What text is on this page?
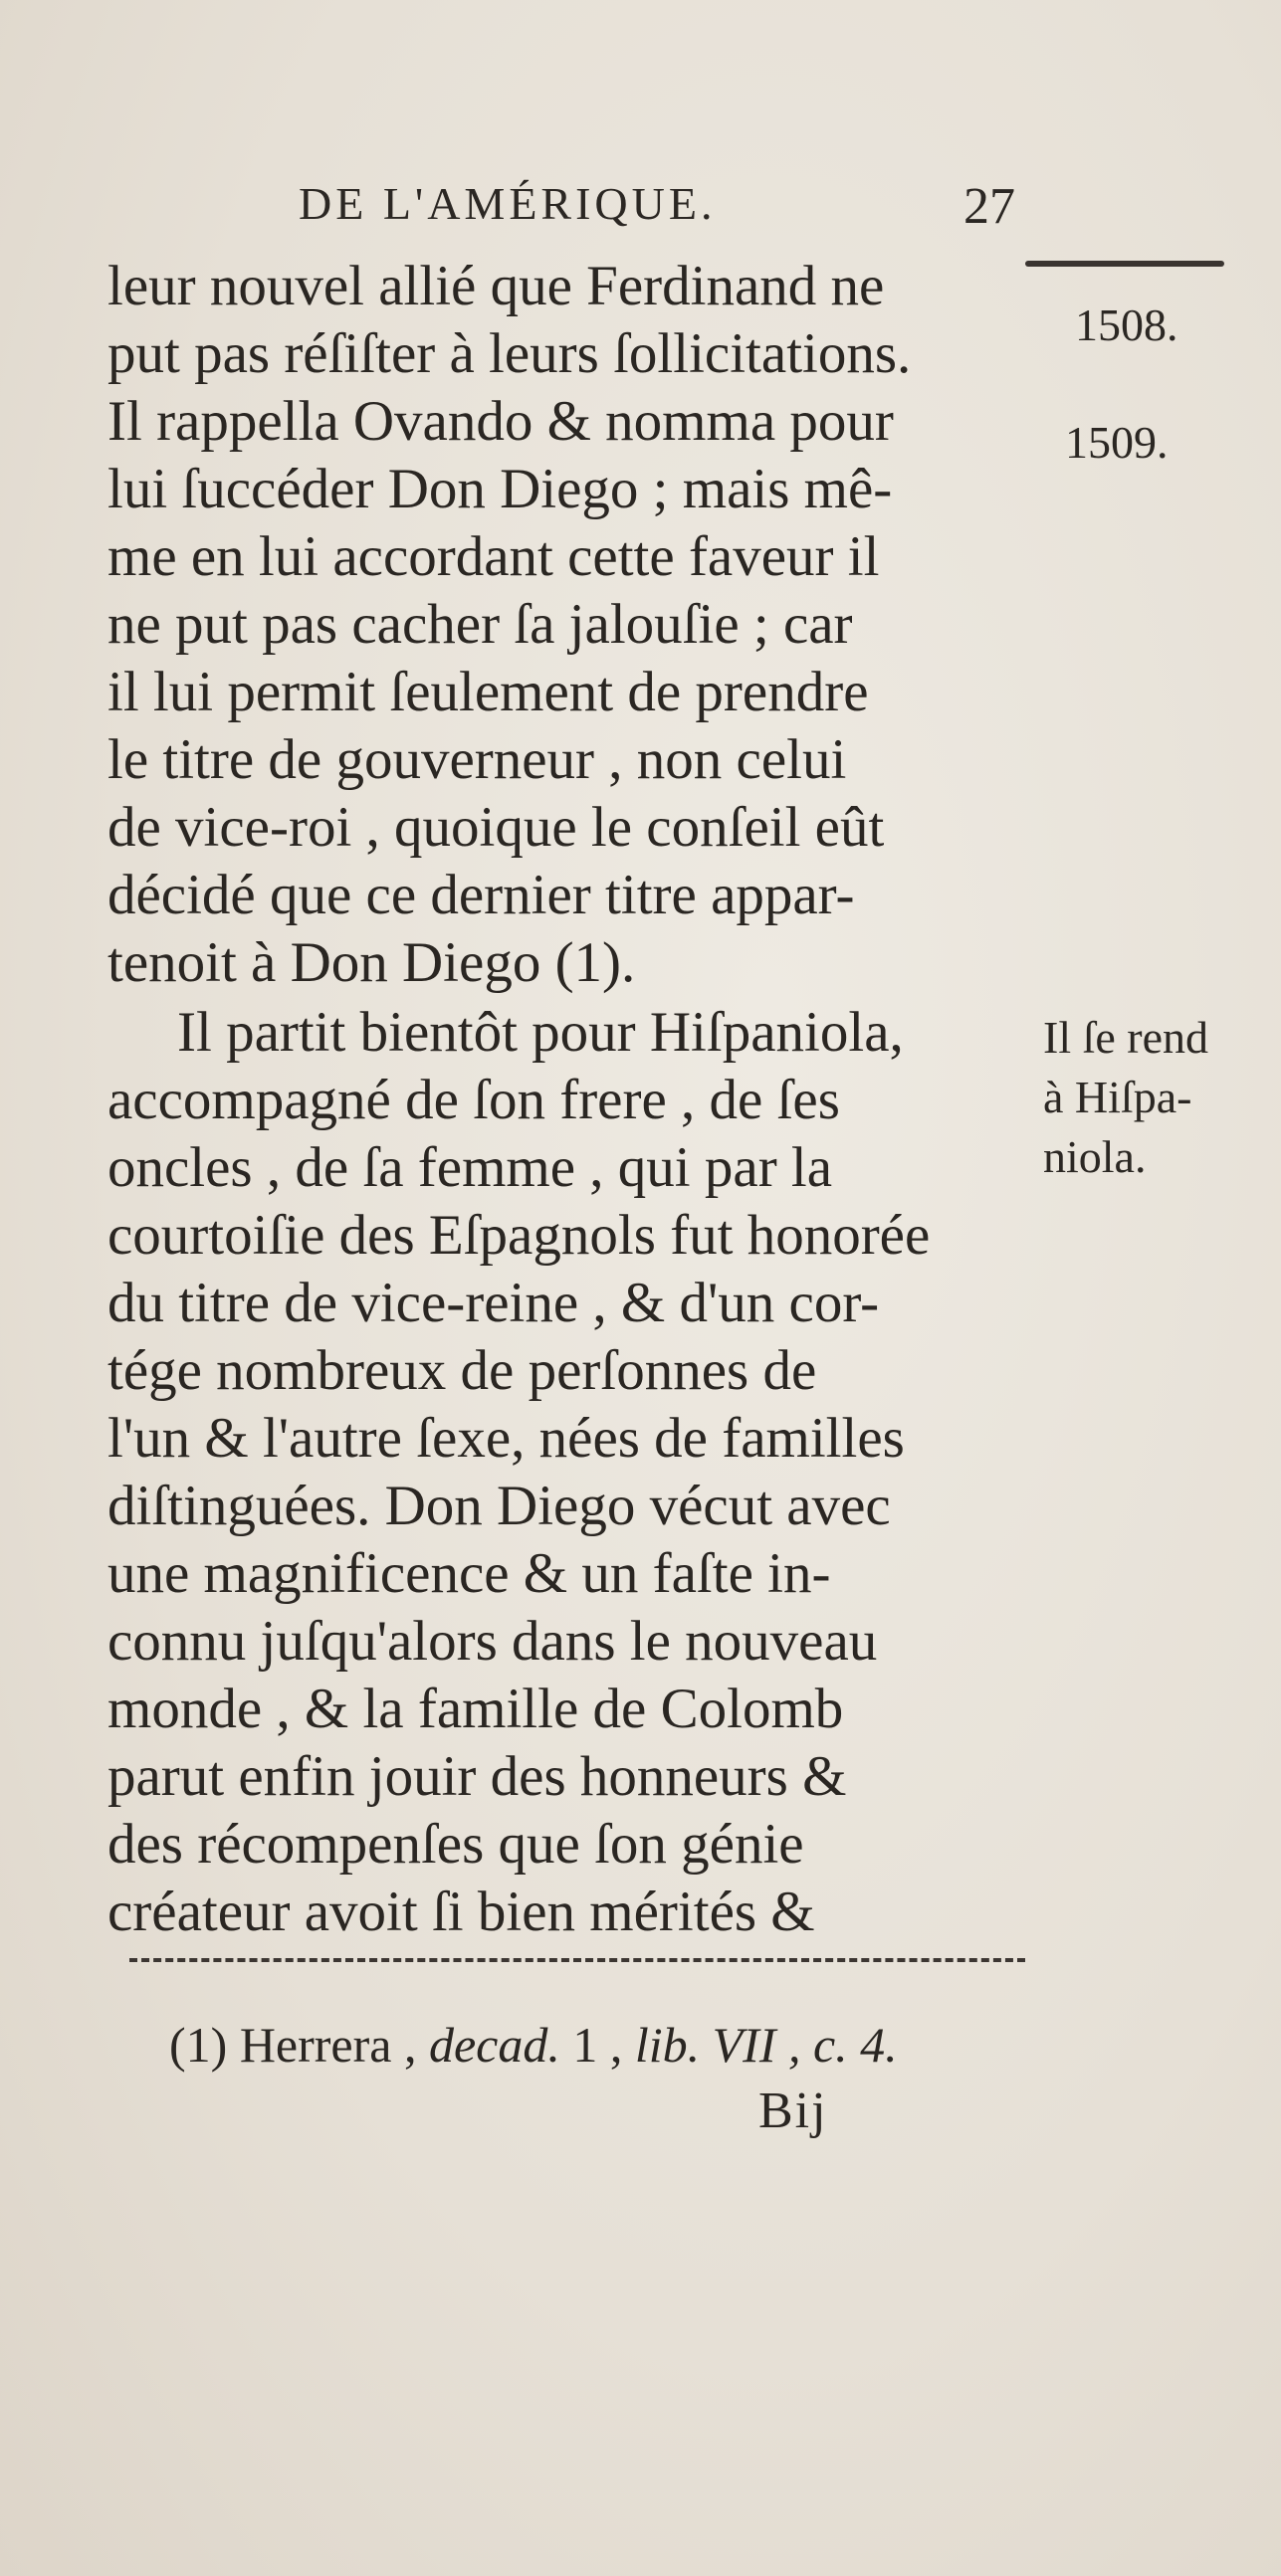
DE L'AMÉRIQUE.	27
1508.
1509.
Il ſe rend
à Hiſpa-
niola.
leur nouvel allié que Ferdinand ne
put pas réſiſter à leurs ſollicitations.
Il rappella Ovando & nomma pour
lui ſuccéder Don Diego ; mais mê-
me en lui accordant cette faveur il
ne put pas cacher ſa jalouſie ; car
il lui permit ſeulement de prendre
le titre de gouverneur , non celui
de vice-roi , quoique le conſeil eût
décidé que ce dernier titre appar-
tenoit à Don Diego (1).
Il partit bientôt pour Hiſpaniola,
accompagné de ſon frere , de ſes
oncles , de ſa femme , qui par la
courtoiſie des Eſpagnols fut honorée
du titre de vice-reine , & d'un cor-
tége nombreux de perſonnes de
l'un & l'autre ſexe, nées de familles
diſtinguées. Don Diego vécut avec
une magnificence & un faſte in-
connu juſqu'alors dans le nouveau
monde , & la famille de Colomb
parut enfin jouir des honneurs &
des récompenſes que ſon génie
créateur avoit ſi bien mérités &
(1) Herrera , decad. 1 , lib. VII , c. 4.
Bij
